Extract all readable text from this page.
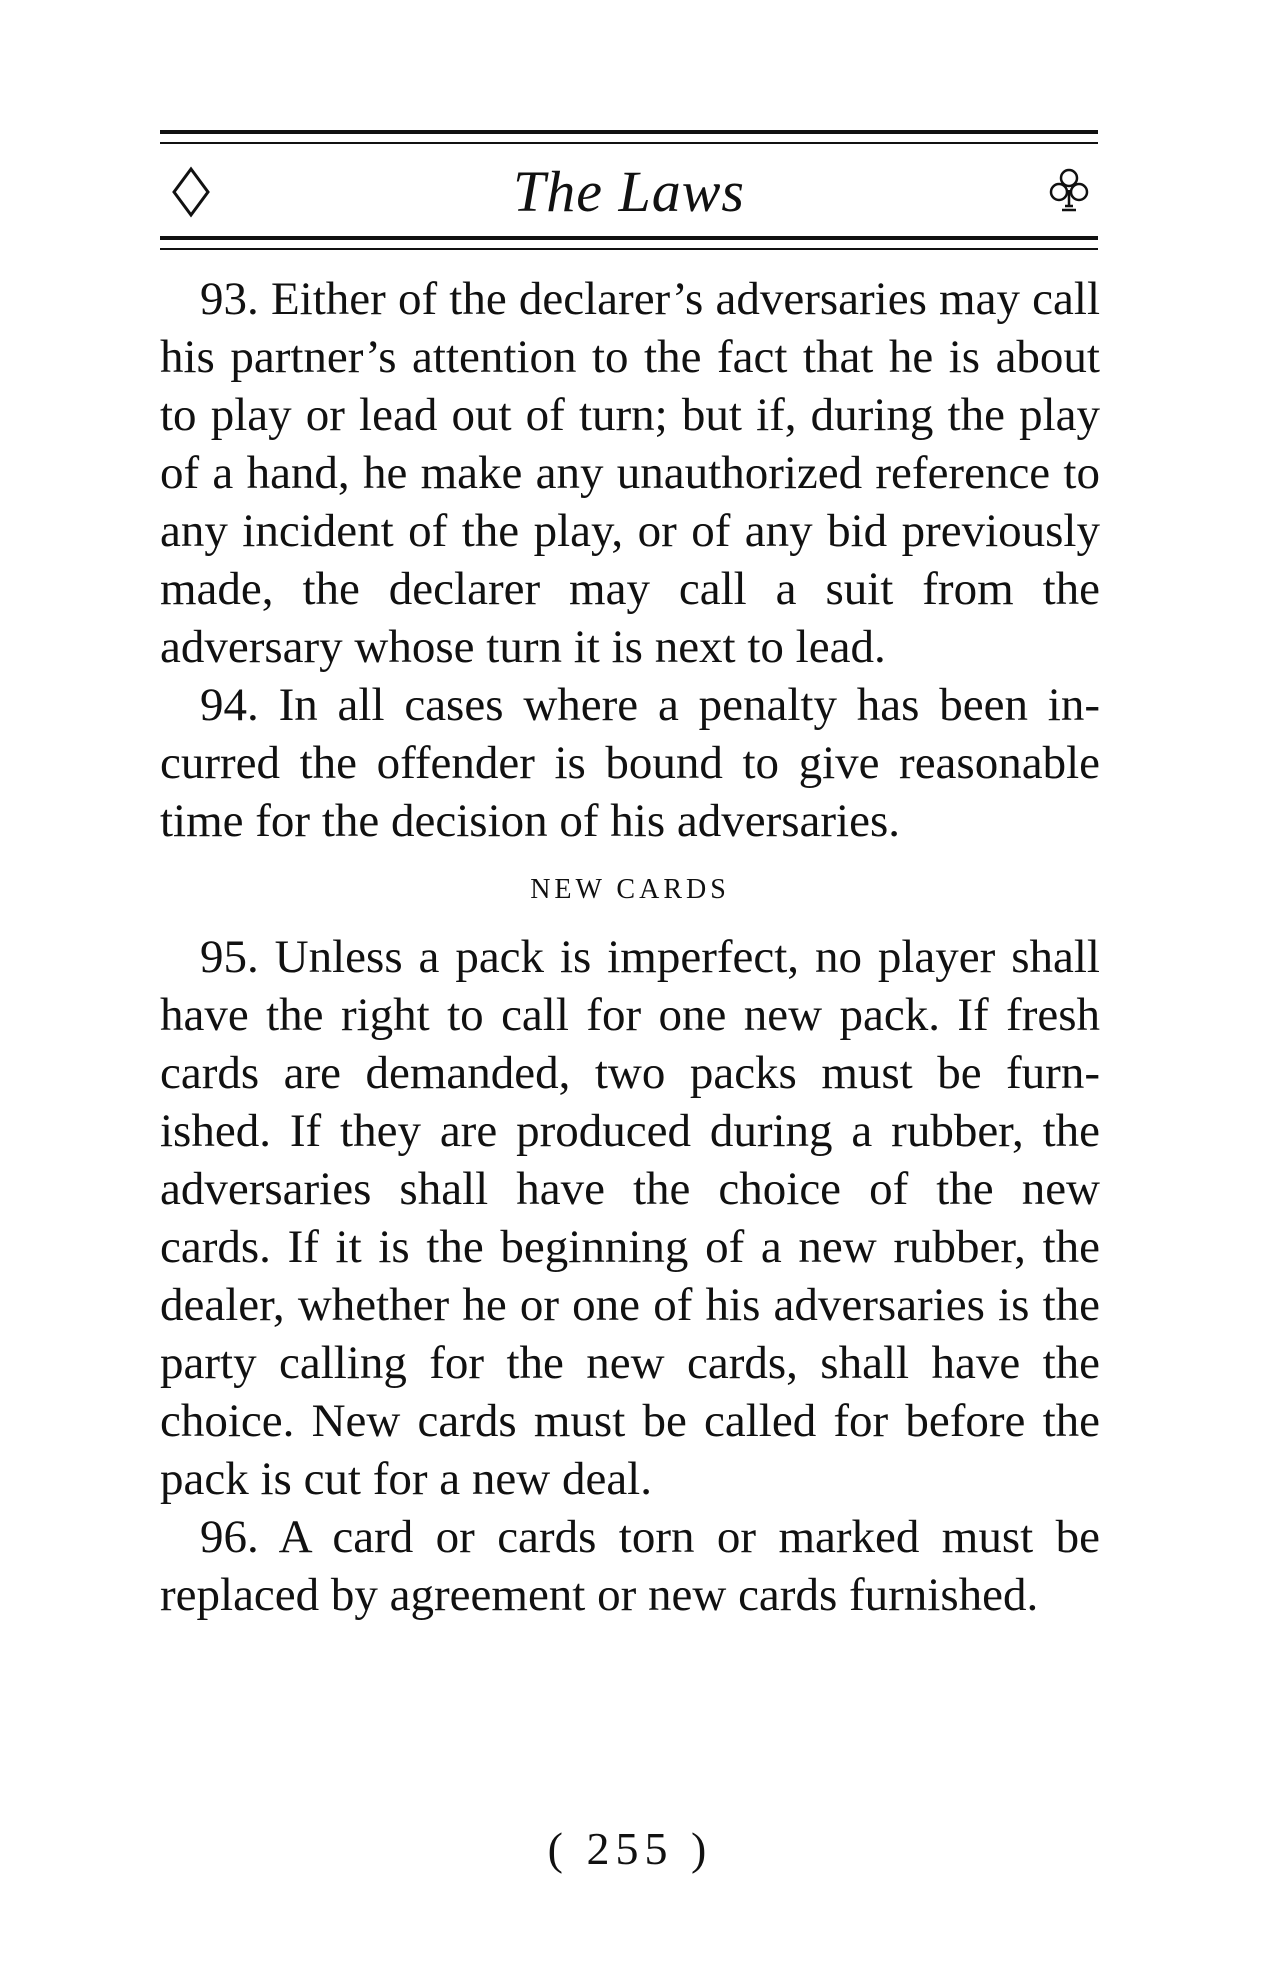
The Laws

93. Either of the declarer’s adversaries may call his partner’s attention to the fact that he is about to play or lead out of turn; but if, during the play of a hand, he make any unauthorized reference to any incident of the play, or of any bid previously made, the declarer may call a suit from the adversary whose turn it is next to lead.

94. In all cases where a penalty has been incurred the offender is bound to give reasonable time for the decision of his adversaries.

NEW CARDS

95. Unless a pack is imperfect, no player shall have the right to call for one new pack. If fresh cards are demanded, two packs must be furnished. If they are produced during a rubber, the adversaries shall have the choice of the new cards. If it is the beginning of a new rubber, the dealer, whether he or one of his adversaries is the party calling for the new cards, shall have the choice. New cards must be called for before the pack is cut for a new deal.

96. A card or cards torn or marked must be replaced by agreement or new cards furnished.

( 255 )
